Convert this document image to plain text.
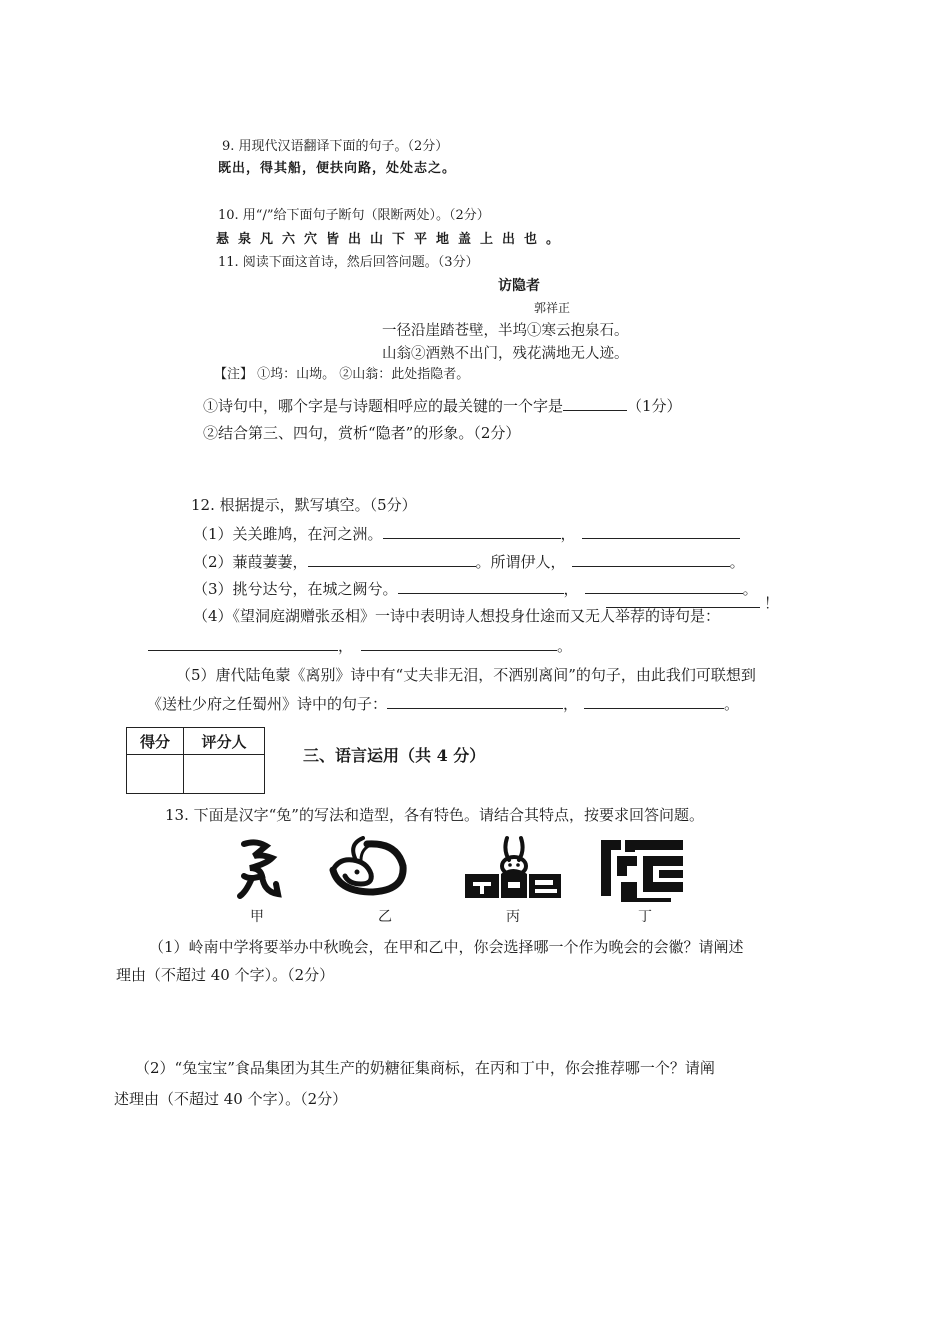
9. 用现代汉语翻译下面的句子。（2分）
既出，得其船，便扶向路，处处志之。
10. 用“/”给下面句子断句（限断两处）。（2分）
悬泉凡六穴皆出山下平地盖上出也。
11. 阅读下面这首诗，然后回答问题。（3分）
访隐者
郭祥正
一径沿崖踏苍壁，半坞①寒云抱泉石。
山翁②酒熟不出门，残花满地无人迹。
【注】 ①坞：山坳。 ②山翁：此处指隐者。
①诗句中，哪个字是与诗题相呼应的最关键的一个字是	（1分）
②结合第三、四句，赏析“隐者”的形象。（2分）
12. 根据提示，默写填空。（5分）
（1）关关雎鸠，在河之洲。	，
（2）蒹葭萋萋，	。所谓伊人，	。
（3）挑兮达兮，在城之阙兮。	，	。
！
（4）《望洞庭湖赠张丞相》一诗中表明诗人想投身仕途而又无人举荐的诗句是：
，	。
（5）唐代陆龟蒙《离别》诗中有“丈夫非无泪，不洒别离间”的句子，由此我们可联想到
《送杜少府之任蜀州》诗中的句子：	，	。
得分	评分人

三、语言运用（共 4 分）
13. 下面是汉字“兔”的写法和造型，各有特色。请结合其特点，按要求回答问题。
甲	乙	丙	丁
（1）岭南中学将要举办中秋晚会，在甲和乙中，你会选择哪一个作为晚会的会徽？请阐述
理由（不超过 40 个字）。（2分）
（2）“兔宝宝”食品集团为其生产的奶糖征集商标，在丙和丁中，你会推荐哪一个？请阐
述理由（不超过 40 个字）。（2分）
